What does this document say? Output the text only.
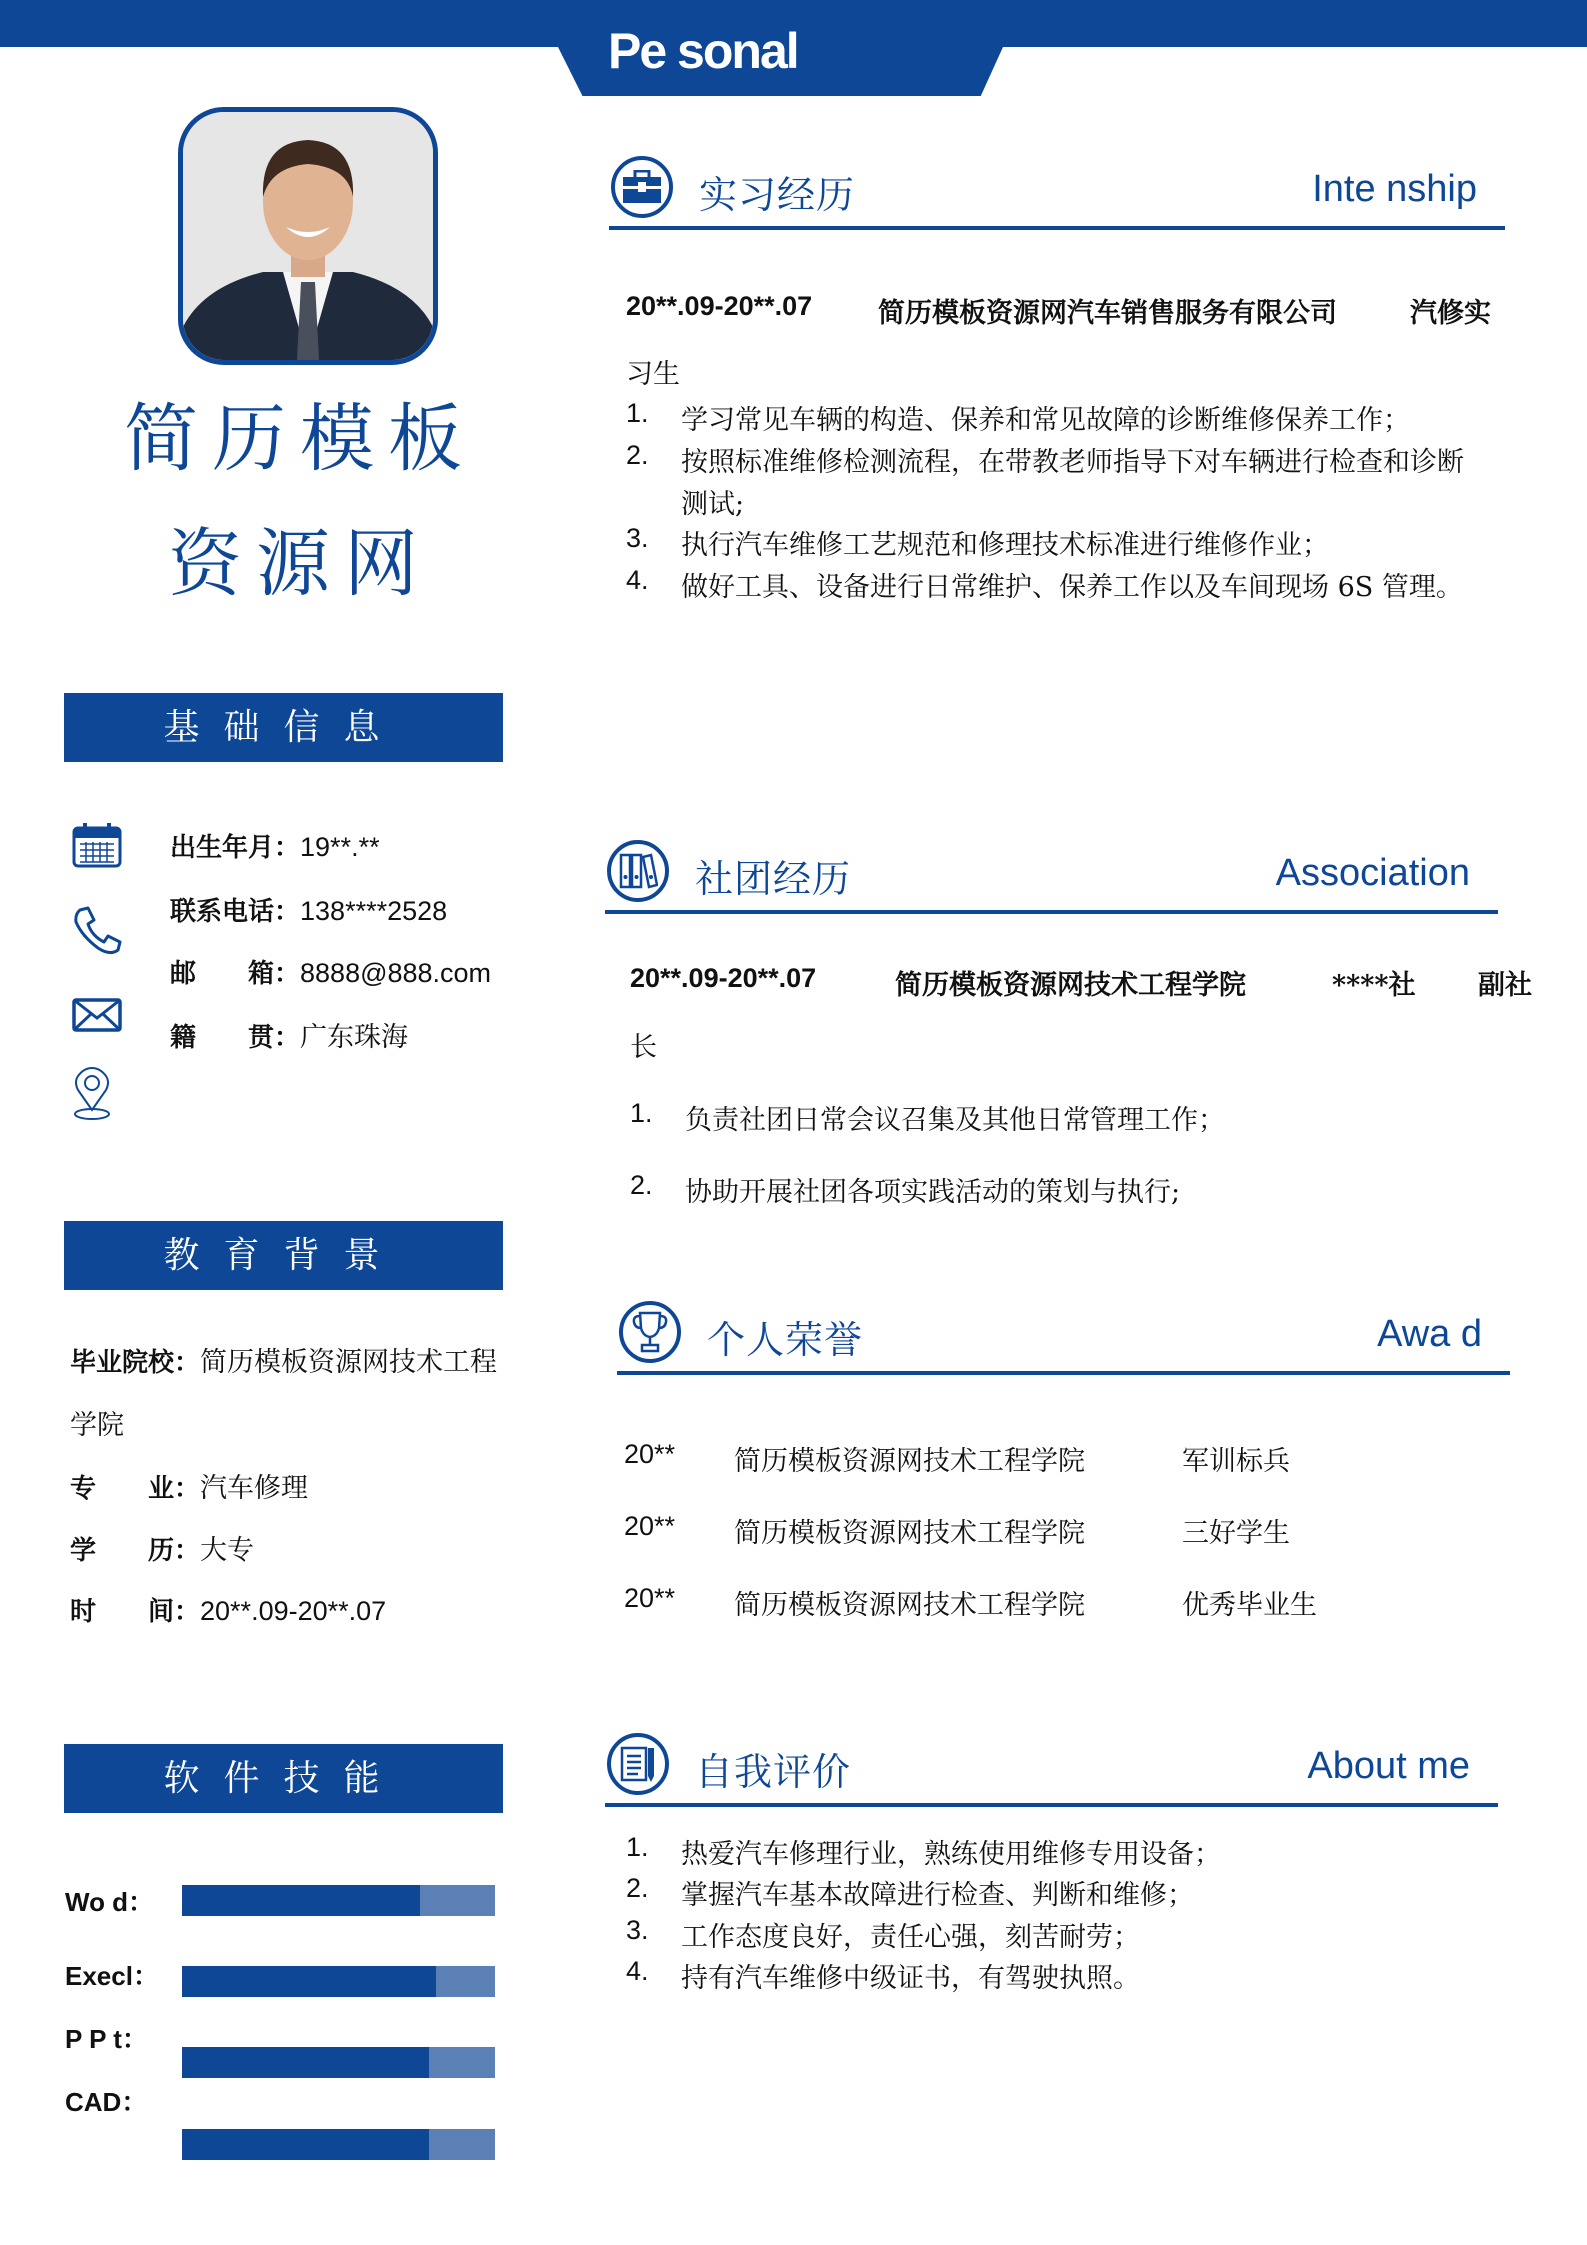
Pe sonal
简历模板
资源网
基础信息
出生年月：19**.**
联系电话：138****2528
邮　　箱：8888@888.com
籍　　贯：广东珠海
教育背景
毕业院校：简历模板资源网技术工程
学院
专　　业：汽车修理
学　　历：大专
时　　间：20**.09-20**.07
软件技能
Wo d：
Execl：
P P t：
CAD：
实习经历	Inte nship
20**.09-20**.07 简历模板资源网汽车销售服务有限公司	汽修实
习生
1. 学习常见车辆的构造、保养和常见故障的诊断维修保养工作；
2. 按照标准维修检测流程，在带教老师指导下对车辆进行检查和诊断
测试;
3. 执行汽车维修工艺规范和修理技术标准进行维修作业；
4. 做好工具、设备进行日常维护、保养工作以及车间现场 6S 管理。
社团经历	Association
20**.09-20**.07	简历模板资源网技术工程学院	****社 副社
长
1. 负责社团日常会议召集及其他日常管理工作；
2. 协助开展社团各项实践活动的策划与执行;
个人荣誉	Awa d
20** 简历模板资源网技术工程学院	军训标兵
20** 简历模板资源网技术工程学院	三好学生
20** 简历模板资源网技术工程学院	优秀毕业生
自我评价	About me
1. 热爱汽车修理行业，熟练使用维修专用设备；
2. 掌握汽车基本故障进行检查、判断和维修；
3. 工作态度良好，责任心强，刻苦耐劳；
4. 持有汽车维修中级证书，有驾驶执照。
